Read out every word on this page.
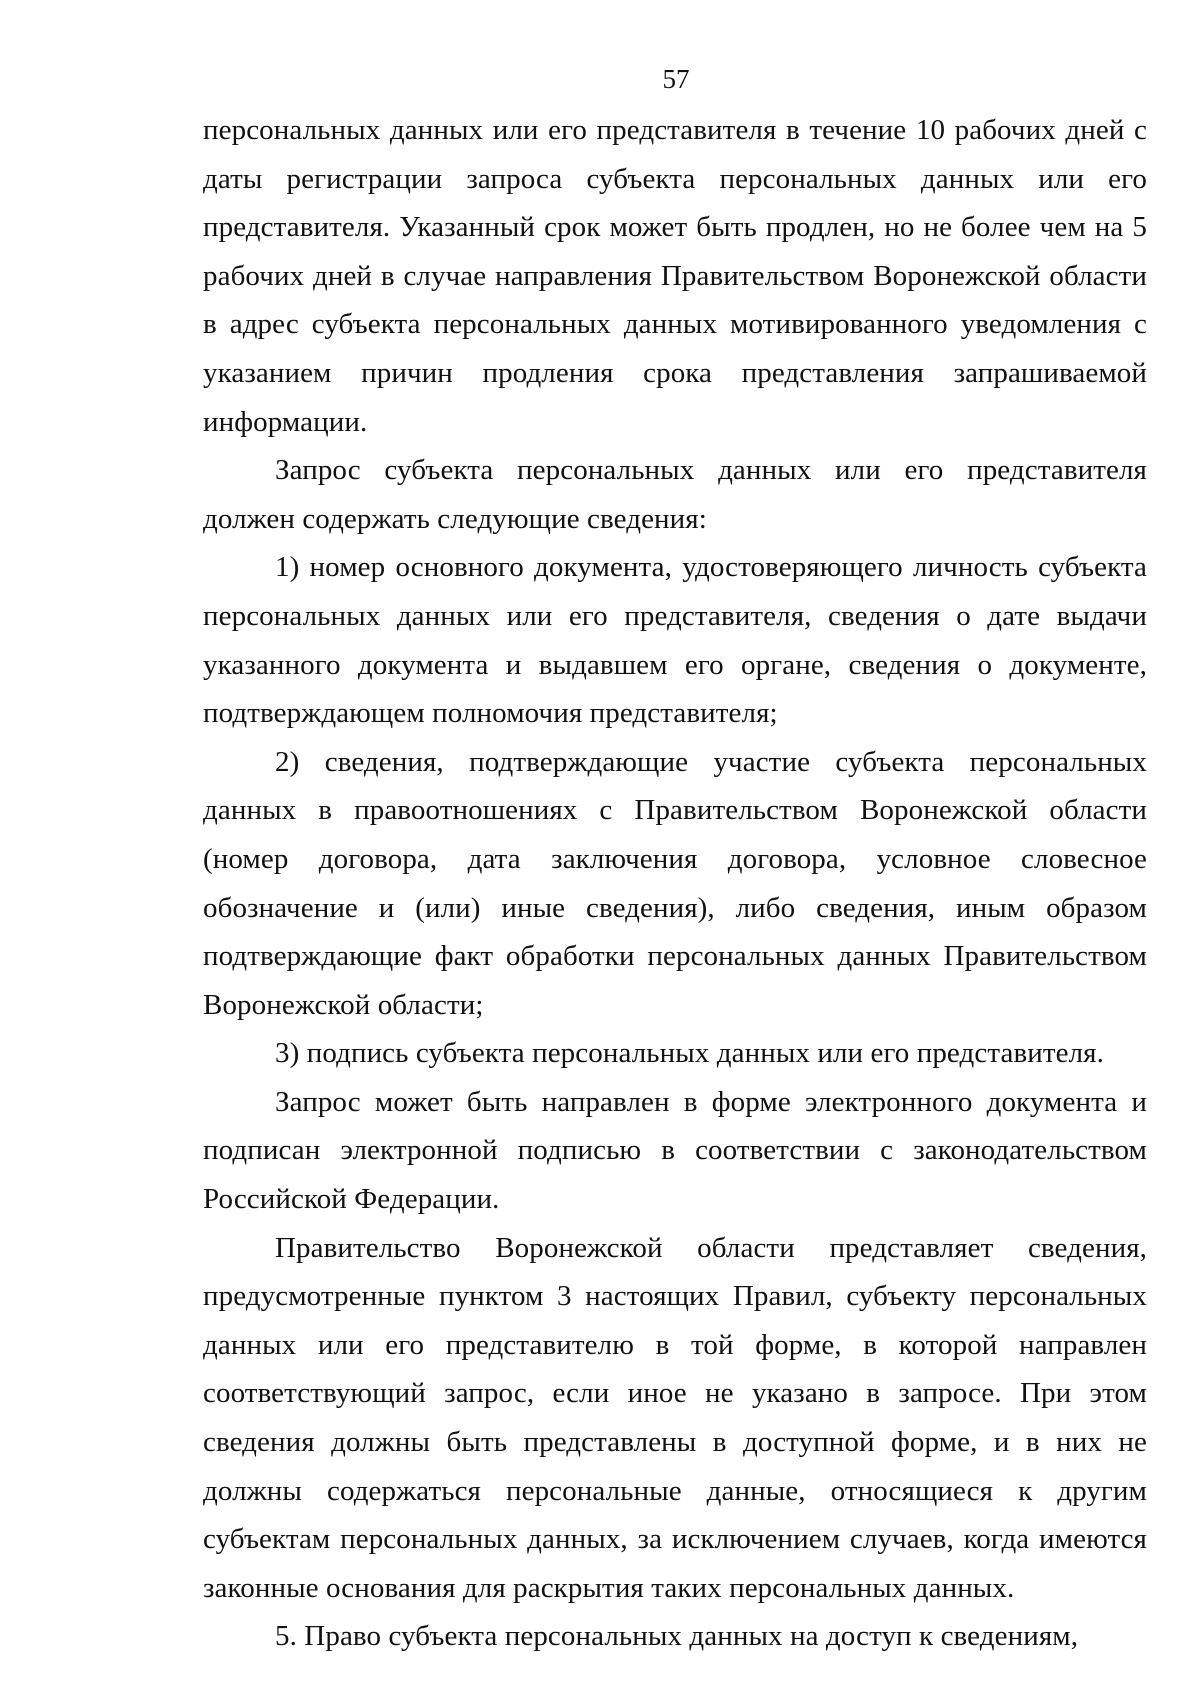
57

персональных данных или его представителя в течение 10 рабочих дней с даты регистрации запроса субъекта персональных данных или его представителя. Указанный срок может быть продлен, но не более чем на 5 рабочих дней в случае направления Правительством Воронежской области в адрес субъекта персональных данных мотивированного уведомления с указанием причин продления срока представления запрашиваемой информации.

Запрос субъекта персональных данных или его представителя должен содержать следующие сведения:

1) номер основного документа, удостоверяющего личность субъекта персональных данных или его представителя, сведения о дате выдачи указанного документа и выдавшем его органе, сведения о документе, подтверждающем полномочия представителя;

2) сведения, подтверждающие участие субъекта персональных данных в правоотношениях с Правительством Воронежской области (номер договора, дата заключения договора, условное словесное обозначение и (или) иные сведения), либо сведения, иным образом подтверждающие факт обработки персональных данных Правительством Воронежской области;

3) подпись субъекта персональных данных или его представителя.

Запрос может быть направлен в форме электронного документа и подписан электронной подписью в соответствии с законодательством Российской Федерации.

Правительство Воронежской области представляет сведения, предусмотренные пунктом 3 настоящих Правил, субъекту персональных данных или его представителю в той форме, в которой направлен соответствующий запрос, если иное не указано в запросе. При этом сведения должны быть представлены в доступной форме, и в них не должны содержаться персональные данные, относящиеся к другим субъектам персональных данных, за исключением случаев, когда имеются законные основания для раскрытия таких персональных данных.

5. Право субъекта персональных данных на доступ к сведениям,
